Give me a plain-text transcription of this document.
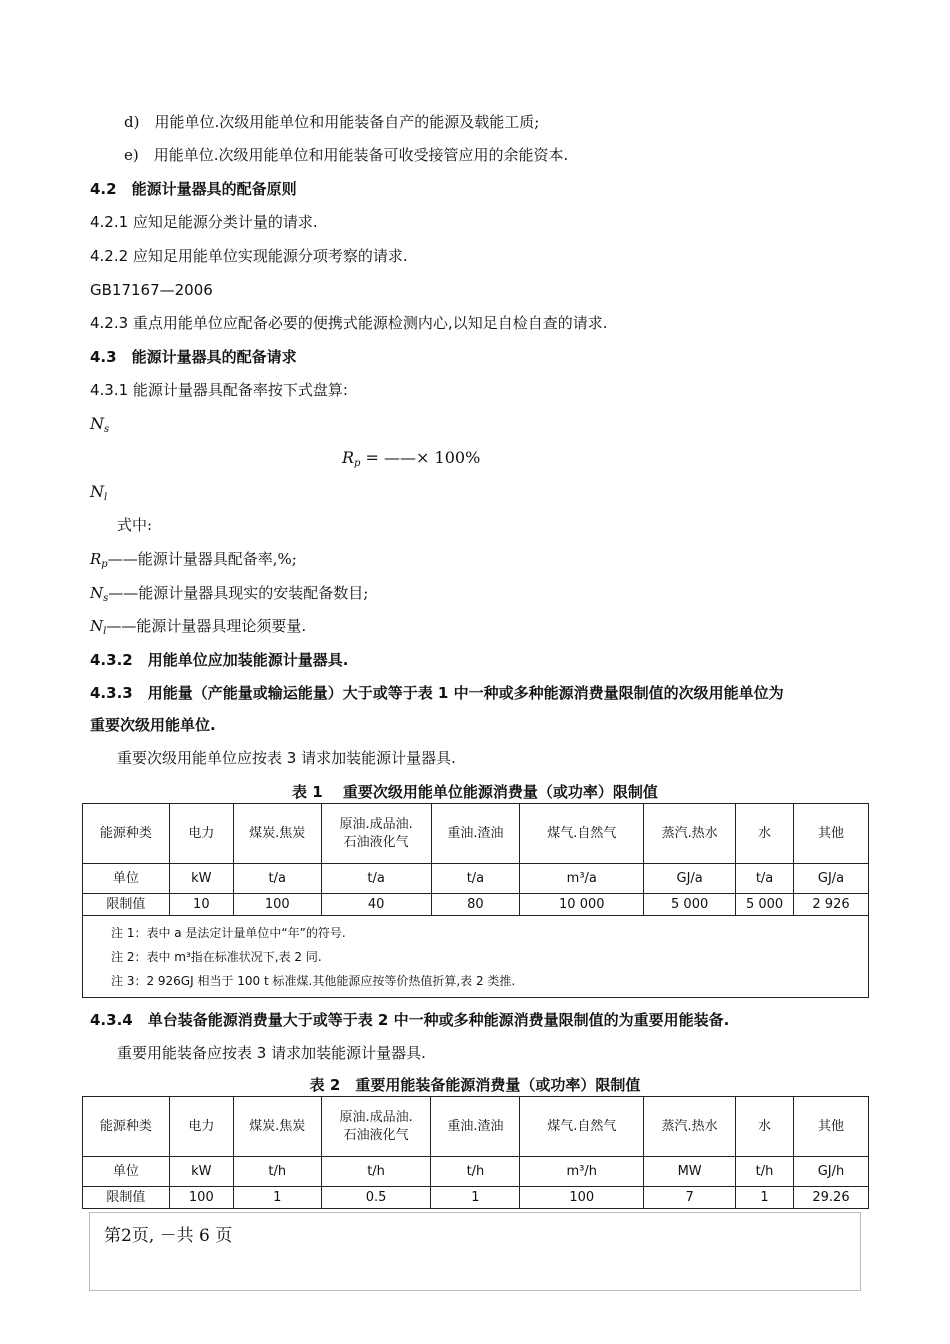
d)　用能单位.次级用能单位和用能装备自产的能源及载能工质;
e)　用能单位.次级用能单位和用能装备可收受接管应用的余能资本.
4.2　能源计量器具的配备原则
4.2.1 应知足能源分类计量的请求.
4.2.2 应知足用能单位实现能源分项考察的请求.
GB17167—2006
4.2.3 重点用能单位应配备必要的便携式能源检测内心,以知足自检自查的请求.
4.3　能源计量器具的配备请求
4.3.1 能源计量器具配备率按下式盘算:
$N_s$
$R_p$ = ——× 100%
$N_l$
式中:
$R_p——$能源计量器具配备率,%;
$N_s——$能源计量器具现实的安装配备数目;
$N_l——$能源计量器具理论须要量.
4.3.2　用能单位应加装能源计量器具.
4.3.3　用能量（产能量或输运能量）大于或等于表 1 中一种或多种能源消费量限制值的次级用能单位为
重要次级用能单位.
重要次级用能单位应按表 3 请求加装能源计量器具.
表 1　 重要次级用能单位能源消费量（或功率）限制值
能源种类	电力	煤炭.焦炭	原油.成品油.
石油液化气	重油.渣油	煤气.自然气	蒸汽.热水	水	其他
单位	kW	t/a	t/a	t/a	m³/a	GJ/a	t/a	GJ/a
限制值	10	100	40	80	10 000	5 000	5 000	2 926

注 1：表中 a 是法定计量单位中“年”的符号.
注 2：表中 m³指在标准状况下,表 2 同.
注 3：2 926GJ 相当于 100 t 标准煤.其他能源应按等价热值折算,表 2 类推.								
4.3.4　单台装备能源消费量大于或等于表 2 中一种或多种能源消费量限制值的为重要用能装备.
重要用能装备应按表 3 请求加装能源计量器具.
表 2　重要用能装备能源消费量（或功率）限制值
能源种类	电力	煤炭.焦炭	原油.成品油.
石油液化气	重油.渣油	煤气.自然气	蒸汽.热水	水	其他
单位	kW	t/h	t/h	t/h	m³/h	MW	t/h	GJ/h
限制值	100	1	0.5	1	100	7	1	29.26
第2页, －共 6 页
